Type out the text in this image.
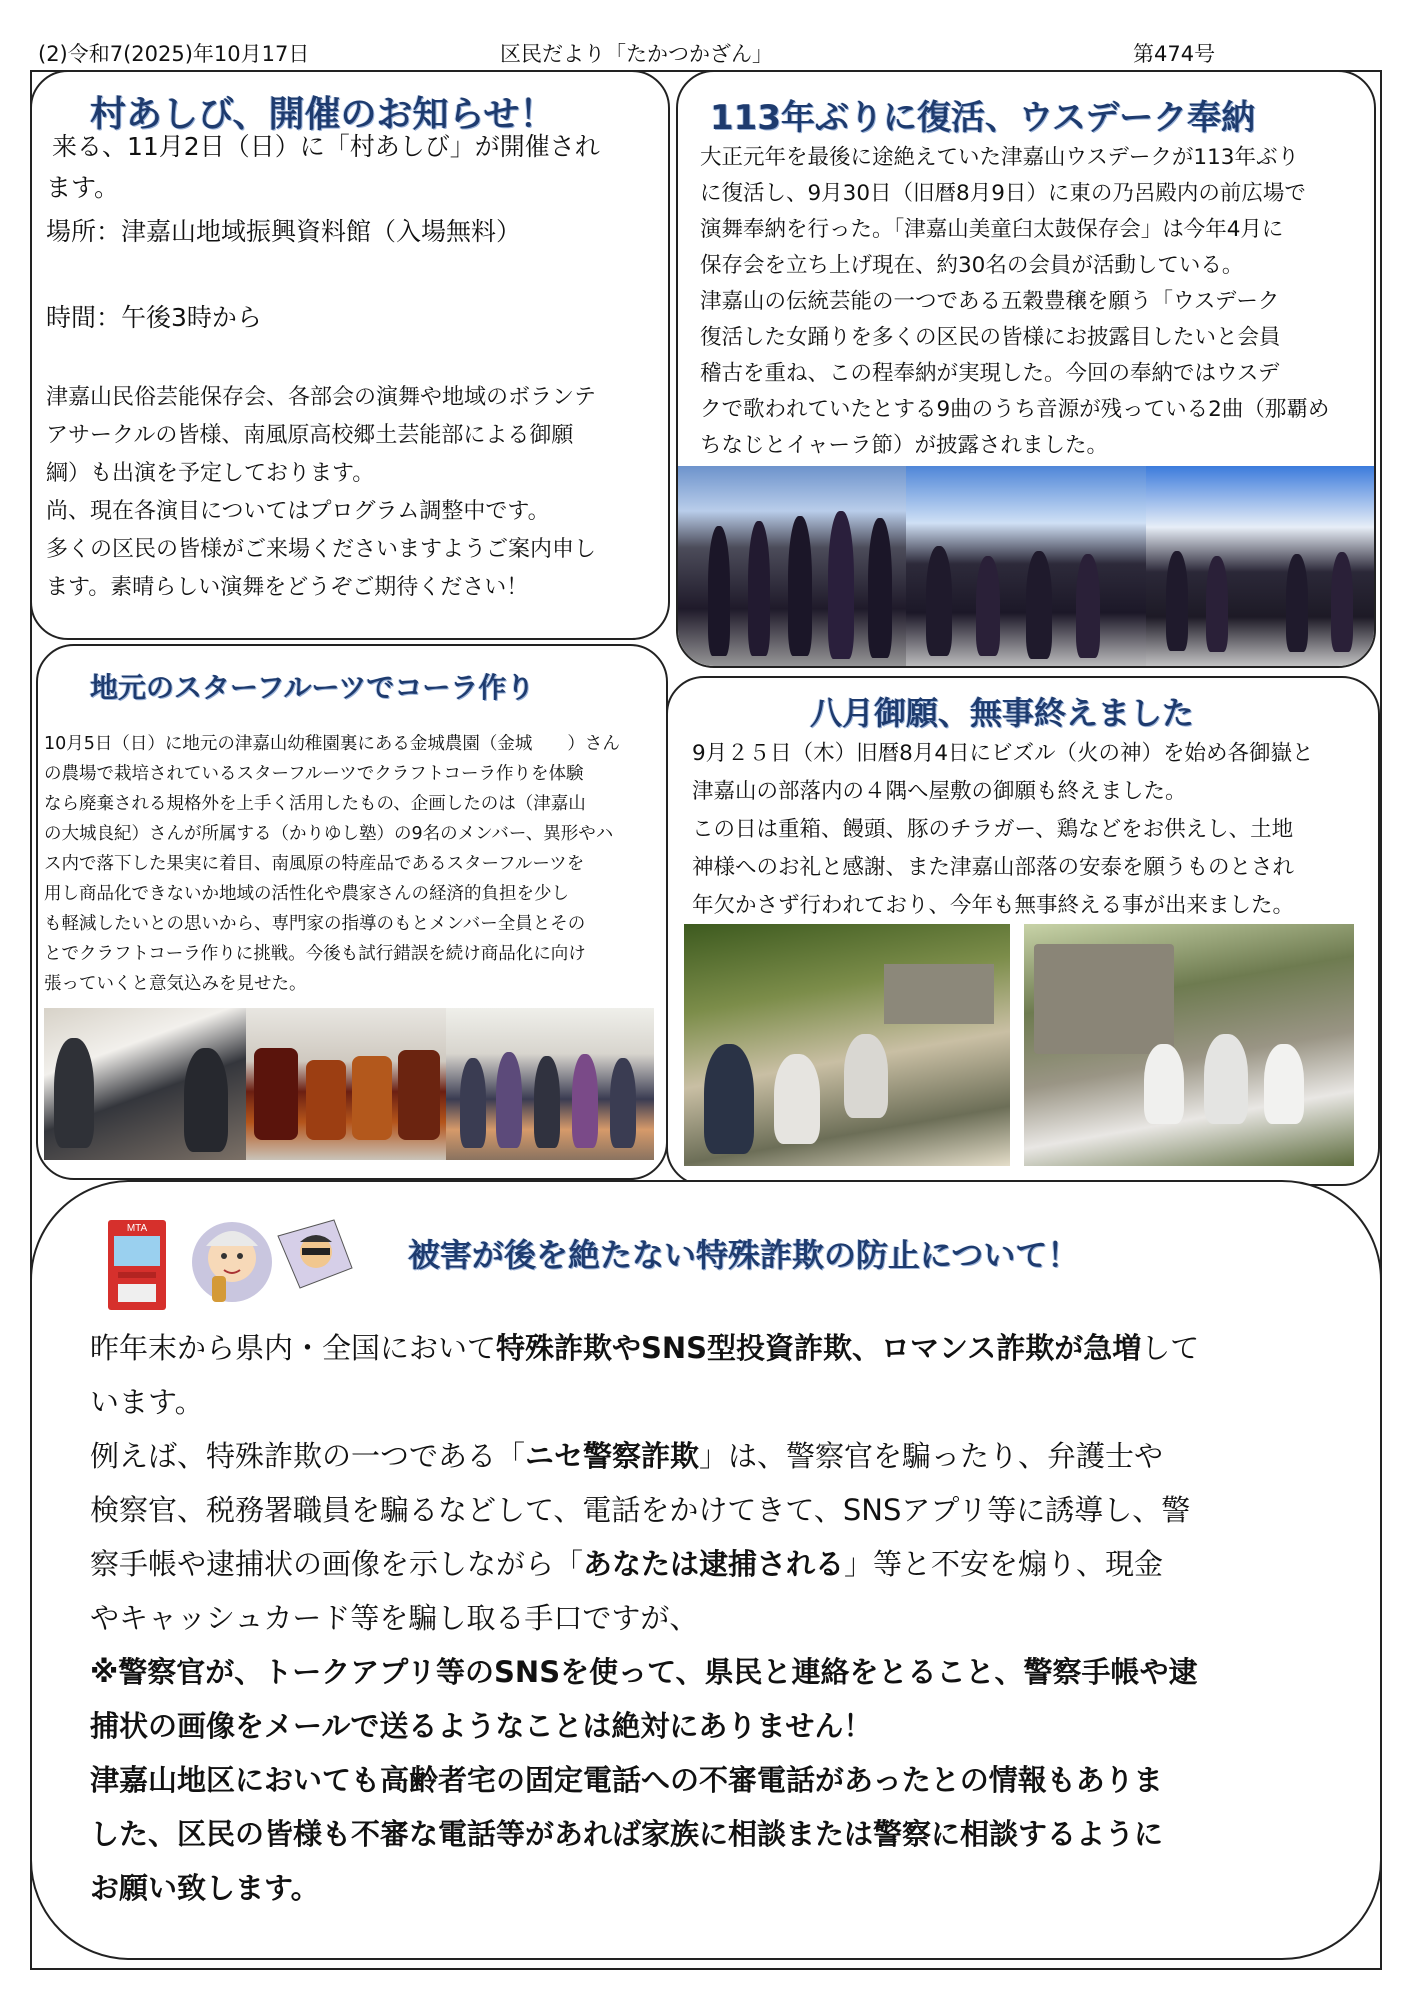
(2)令和7(2025)年10月17日	区民だより「たかつかざん」	第474号
村あしび、開催のお知らせ！
来る、11月2日（日）に「村あしび」が開催され
ます。
場所：津嘉山地域振興資料館（入場無料）
時間：午後3時から
津嘉山民俗芸能保存会、各部会の演舞や地域のボランテ
アサークルの皆様、南風原高校郷土芸能部による御願
綱）も出演を予定しております。
尚、現在各演目についてはプログラム調整中です。
多くの区民の皆様がご来場くださいますようご案内申し
ます。素晴らしい演舞をどうぞご期待ください！
113年ぶりに復活、ウスデーク奉納
大正元年を最後に途絶えていた津嘉山ウスデークが113年ぶり
に復活し、9月30日（旧暦8月9日）に東の乃呂殿内の前広場で
演舞奉納を行った。「津嘉山美童臼太鼓保存会」は今年4月に
保存会を立ち上げ現在、約30名の会員が活動している。
津嘉山の伝統芸能の一つである五穀豊穣を願う「ウスデーク
復活した女踊りを多くの区民の皆様にお披露目したいと会員
稽古を重ね、この程奉納が実現した。今回の奉納ではウスデ
クで歌われていたとする9曲のうち音源が残っている2曲（那覇め
ちなじとイャーラ節）が披露されました。
地元のスターフルーツでコーラ作り
10月5日（日）に地元の津嘉山幼稚園裏にある金城農園（金城　　）さん
の農場で栽培されているスターフルーツでクラフトコーラ作りを体験
なら廃棄される規格外を上手く活用したもの、企画したのは（津嘉山
の大城良紀）さんが所属する（かりゆし塾）の9名のメンバー、異形やハ
ス内で落下した果実に着目、南風原の特産品であるスターフルーツを
用し商品化できないか地域の活性化や農家さんの経済的負担を少し
も軽減したいとの思いから、専門家の指導のもとメンバー全員とその
とでクラフトコーラ作りに挑戦。今後も試行錯誤を続け商品化に向け
張っていくと意気込みを見せた。
八月御願、無事終えました
9月２５日（木）旧暦8月4日にビズル（火の神）を始め各御嶽と
津嘉山の部落内の４隅へ屋敷の御願も終えました。
この日は重箱、饅頭、豚のチラガー、鶏などをお供えし、土地
神様へのお礼と感謝、また津嘉山部落の安泰を願うものとされ
年欠かさず行われており、今年も無事終える事が出来ました。
MTA
被害が後を絶たない特殊詐欺の防止について！
昨年末から県内・全国において特殊詐欺やSNS型投資詐欺、ロマンス詐欺が急増して
います。
例えば、特殊詐欺の一つである「ニセ警察詐欺」は、警察官を騙ったり、弁護士や
検察官、税務署職員を騙るなどして、電話をかけてきて、SNSアプリ等に誘導し、警
察手帳や逮捕状の画像を示しながら「あなたは逮捕される」等と不安を煽り、現金
やキャッシュカード等を騙し取る手口ですが、
※警察官が、トークアプリ等のSNSを使って、県民と連絡をとること、警察手帳や逮
捕状の画像をメールで送るようなことは絶対にありません！
津嘉山地区においても高齢者宅の固定電話への不審電話があったとの情報もありま
した、区民の皆様も不審な電話等があれば家族に相談または警察に相談するように
お願い致します。
